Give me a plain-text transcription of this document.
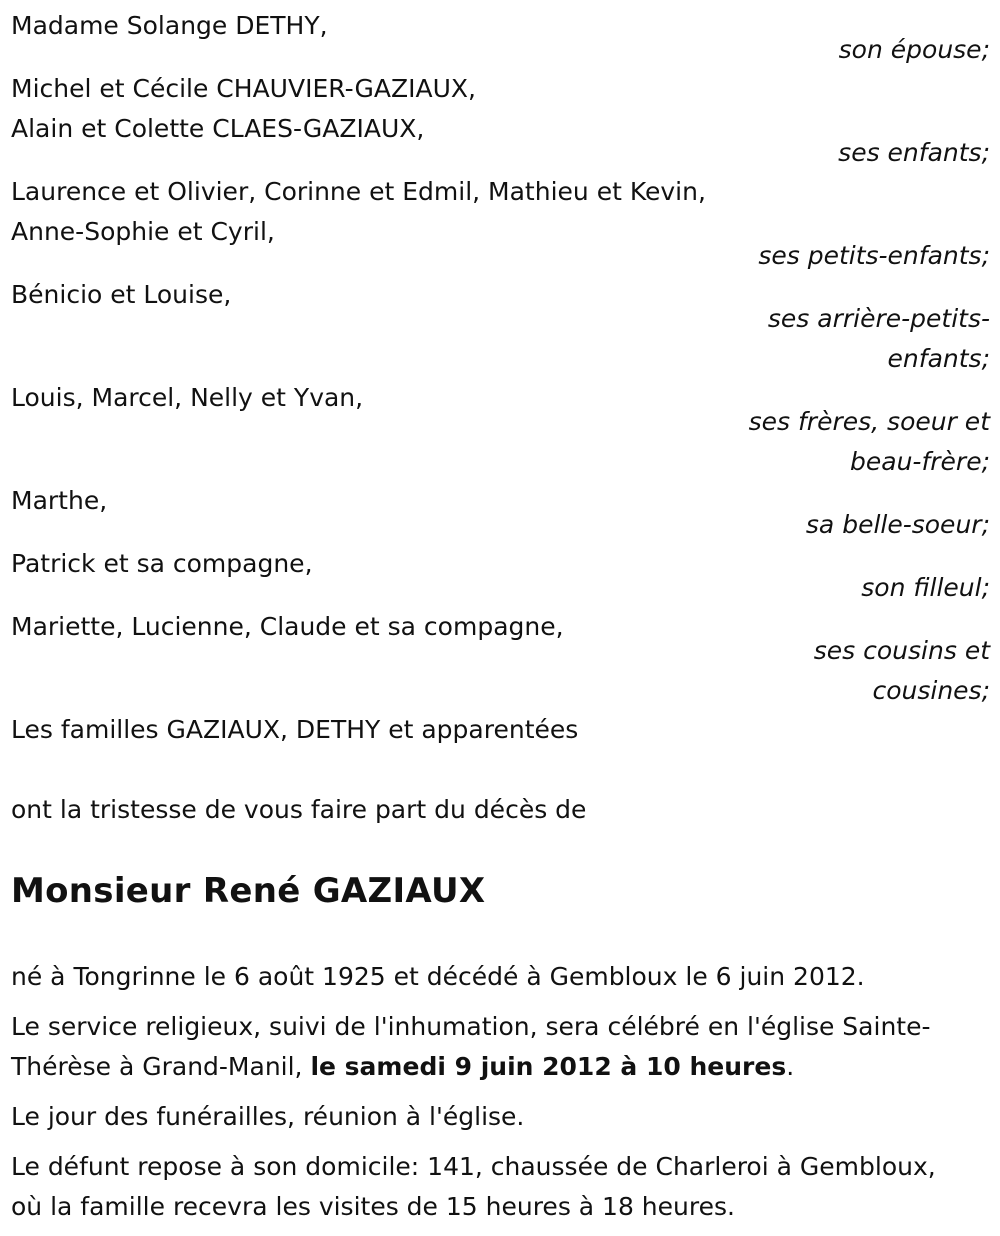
Madame Solange DETHY,
son épouse;
Michel et Cécile CHAUVIER-GAZIAUX,
Alain et Colette CLAES-GAZIAUX,
ses enfants;
Laurence et Olivier, Corinne et Edmil, Mathieu et Kevin,
Anne-Sophie et Cyril,
ses petits-enfants;
Bénicio et Louise,
ses arrière-petits-
enfants;
Louis, Marcel, Nelly et Yvan,
ses frères, soeur et
beau-frère;
Marthe,
sa belle-soeur;
Patrick et sa compagne,
son filleul;
Mariette, Lucienne, Claude et sa compagne,
ses cousins et
cousines;
Les familles GAZIAUX, DETHY et apparentées
ont la tristesse de vous faire part du décès de
Monsieur René GAZIAUX
né à Tongrinne le 6 août 1925 et décédé à Gembloux le 6 juin 2012.
Le service religieux, suivi de l'inhumation, sera célébré en l'église Sainte-
Thérèse à Grand-Manil, le samedi 9 juin 2012 à 10 heures.
Le jour des funérailles, réunion à l'église.
Le défunt repose à son domicile: 141, chaussée de Charleroi à Gembloux,
où la famille recevra les visites de 15 heures à 18 heures.
